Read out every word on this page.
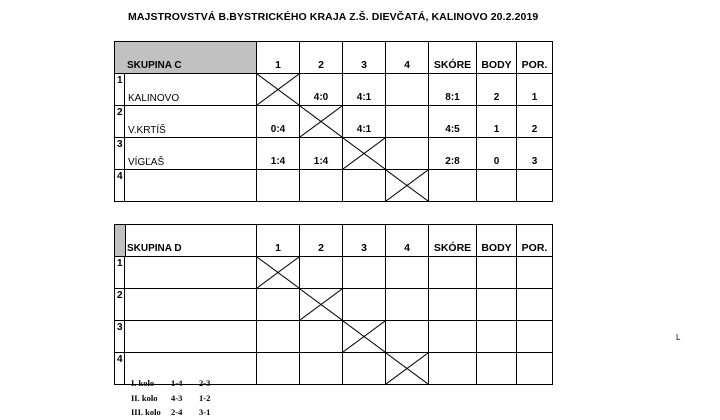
MAJSTROVSTVÁ B.BYSTRICKÉHO KRAJA Z.Š. DIEVČATÁ, KALINOVO 20.2.2019
SKUPINA C	1	2	3	4	SKÓRE	BODY	POR.

1
KALINOVO		4:0	4:1		8:1	2	1

2
V.KRTÍŠ	0:4		4:1		4:5	1	2

3
VÍGĽAŠ	1:4	1:4			2:8	0	3

4

SKUPINA D	1	2	3	4	SKÓRE	BODY	POR.

1

2

3

4

I. kolo 1-4 2-3
II. kolo 4-3 1-2
III. kolo 2-4 3-1
L
